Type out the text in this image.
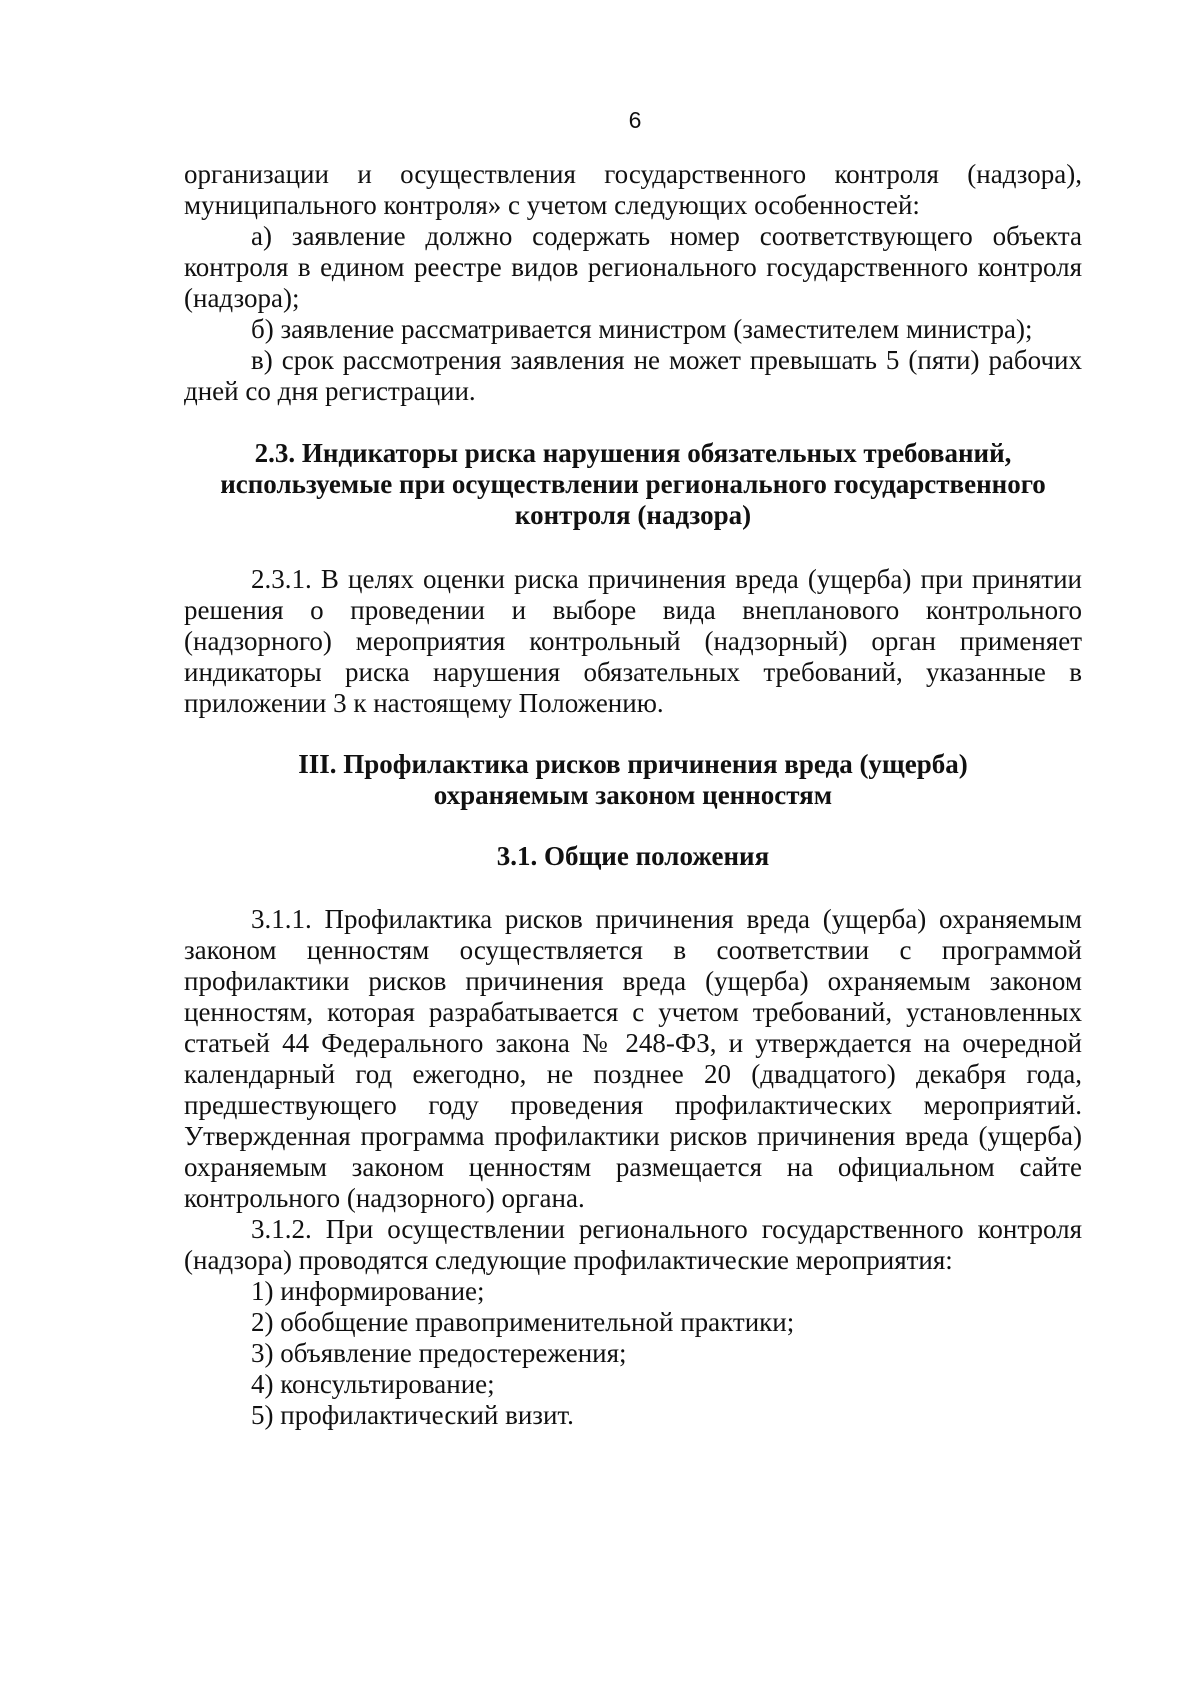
6

организации и осуществления государственного контроля (надзора), муниципального контроля» с учетом следующих особенностей:

а) заявление должно содержать номер соответствующего объекта контроля в едином реестре видов регионального государственного контроля (надзора);

б) заявление рассматривается министром (заместителем министра);

в) срок рассмотрения заявления не может превышать 5 (пяти) рабочих дней со дня регистрации.

2.3. Индикаторы риска нарушения обязательных требований, используемые при осуществлении регионального государственного контроля (надзора)

2.3.1. В целях оценки риска причинения вреда (ущерба) при принятии решения о проведении и выборе вида внепланового контрольного (надзорного) мероприятия контрольный (надзорный) орган применяет индикаторы риска нарушения обязательных требований, указанные в приложении 3 к настоящему Положению.

III. Профилактика рисков причинения вреда (ущерба)

охраняемым законом ценностям

3.1. Общие положения

3.1.1. Профилактика рисков причинения вреда (ущерба) охраняемым законом ценностям осуществляется в соответствии с программой профилактики рисков причинения вреда (ущерба) охраняемым законом ценностям, которая разрабатывается с учетом требований, установленных статьей 44 Федерального закона № 248-ФЗ, и утверждается на очередной календарный год ежегодно, не позднее 20 (двадцатого) декабря года, предшествующего году проведения профилактических мероприятий. Утвержденная программа профилактики рисков причинения вреда (ущерба) охраняемым законом ценностям размещается на официальном сайте контрольного (надзорного) органа.

3.1.2. При осуществлении регионального государственного контроля (надзора) проводятся следующие профилактические мероприятия:

1) информирование;

2) обобщение правоприменительной практики;

3) объявление предостережения;

4) консультирование;

5) профилактический визит.
